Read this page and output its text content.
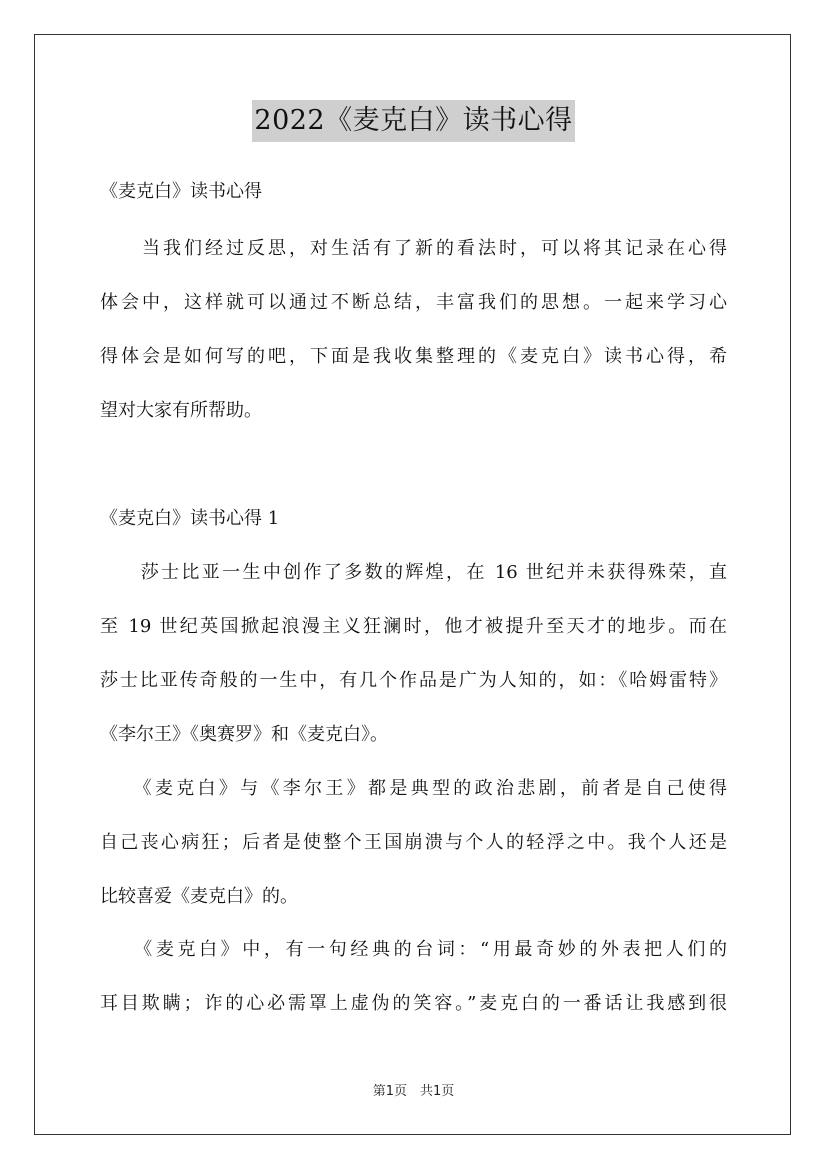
2022《麦克白》读书心得
《麦克白》读书心得
　　当我们经过反思，对生活有了新的看法时，可以将其记录在心得
体会中，这样就可以通过不断总结，丰富我们的思想。一起来学习心
得体会是如何写的吧，下面是我收集整理的《麦克白》读书心得，希
望对大家有所帮助。
《麦克白》读书心得 1
　　莎士比亚一生中创作了多数的辉煌，在 16 世纪并未获得殊荣，直
至 19 世纪英国掀起浪漫主义狂澜时，他才被提升至天才的地步。而在
莎士比亚传奇般的一生中，有几个作品是广为人知的，如：《哈姆雷特》
《李尔王》《奥赛罗》和《麦克白》。
　　《麦克白》与《李尔王》都是典型的政治悲剧，前者是自己使得
自己丧心病狂；后者是使整个王国崩溃与个人的轻浮之中。我个人还是
比较喜爱《麦克白》的。
　　《麦克白》中，有一句经典的台词：“用最奇妙的外表把人们的
耳目欺瞒；诈的心必需罩上虚伪的笑容。”麦克白的一番话让我感到很
第1页　共1页
